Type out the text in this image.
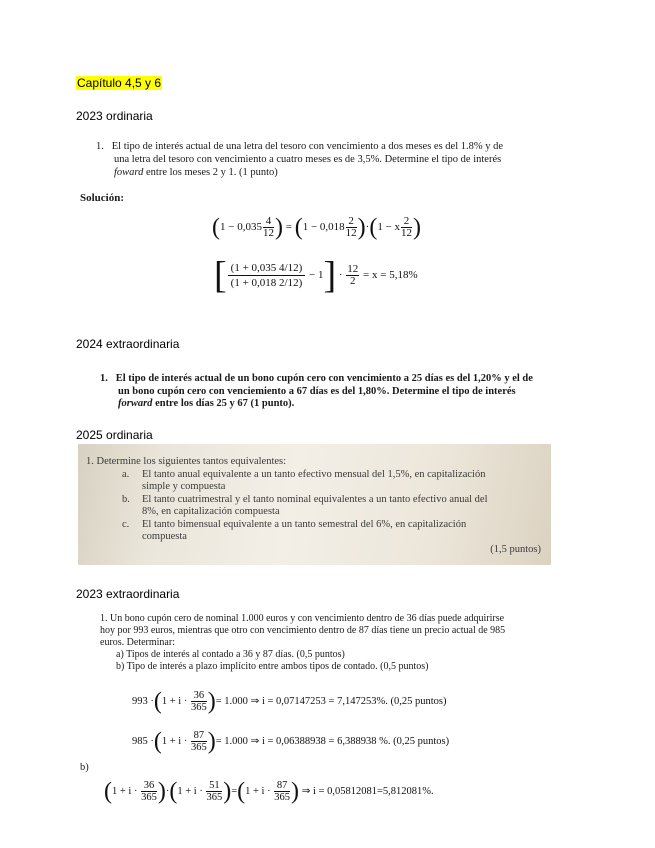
Capítulo 4,5 y 6
2023 ordinaria
1. El tipo de interés actual de una letra del tesoro con vencimiento a dos meses es del 1.8% y de
una letra del tesoro con vencimiento a cuatro meses es de 3,5%. Determine el tipo de interés
foward entre los meses 2 y 1. (1 punto)
Solución:
($1 - 0,035 \frac{4}{12}$ ) = $(1 - 0,018 \frac{2}{12} )\cdot(1 - x \frac{2}{12}$ )
[ $\frac{(1 + 0,035 4/12)}{(1 + 0,018 2/12)} - 1] \cdot \frac{12}{2} = x = 5,18\%$
2024 extraordinaria
1. El tipo de interés actual de un bono cupón cero con vencimiento a 25 días es del 1,20% y el de
un bono cupón cero con venciemiento a 67 días es del 1,80%. Determine el tipo de interés
forward entre los días 25 y 67 (1 punto).
2025 ordinaria
1. Determine los siguientes tantos equivalentes:
a. El tanto anual equivalente a un tanto efectivo mensual del 1,5%, en capitalización
simple y compuesta
b. El tanto cuatrimestral y el tanto nominal equivalentes a un tanto efectivo anual del
8%, en capitalización compuesta
c. El tanto bimensual equivalente a un tanto semestral del 6%, en capitalización
compuesta
(1,5 puntos)
2023 extraordinaria
1. Un bono cupón cero de nominal 1.000 euros y con vencimiento dentro de 36 días puede adquirirse
hoy por 993 euros, mientras que otro con vencimiento dentro de 87 días tiene un precio actual de 985
euros. Determinar:
a) Tipos de interés al contado a 36 y 87 días. (0,5 puntos)
b) Tipo de interés a plazo implícito entre ambos tipos de contado. (0,5 puntos)
$993 \cdot(1 + i \cdot \frac{36}{365}$ )= 1.000 ⇒ i = 0,07147253 = 7,147253%. (0,25 puntos)
$985 \cdot(1 + i \cdot \frac{87}{365}$ )= 1.000 ⇒ i = 0,06388938 = 6,388938 %. (0,25 puntos)
b)
$(1 + i \cdot \frac{36}{365} )\cdot(1 + i \cdot \frac{51}{365} )=(1 + i \cdot \frac{87}{365}$ ) ⇒ i = 0,05812081=5,812081%.
